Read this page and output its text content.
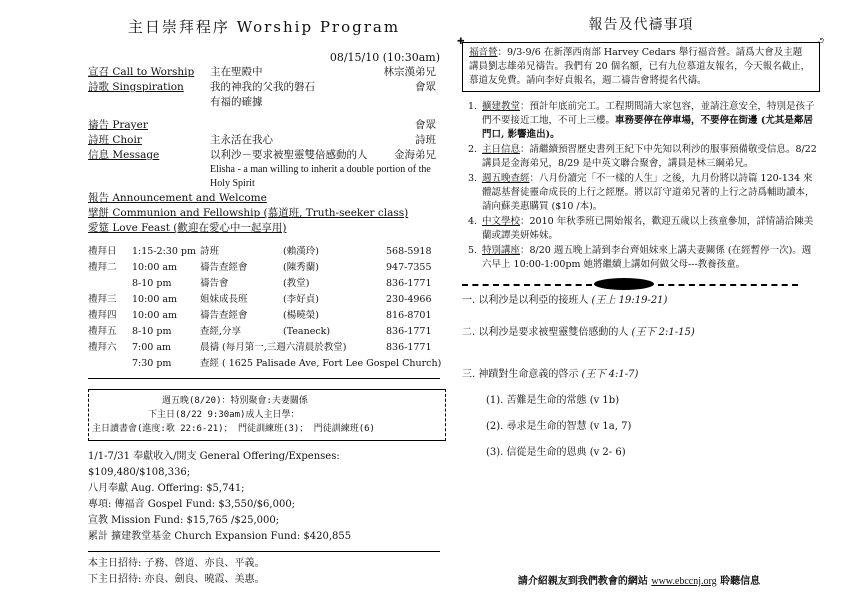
主日崇拜程序 Worship Program
08/15/10 (10:30am)
宣召 Call to Worship 主在聖殿中	林宗漢弟兄
詩歌 Singspiration 我的神我的父我的磐石	會眾
有福的確據
禱告 Prayer	會眾
詩班 Choir	主永活在我心	詩班
信息 Message	以利沙－要求被聖靈雙倍感動的人	金海弟兄
Elisha - a man willing to inherit a double portion of the Holy Spirit
報告 Announcement and Welcome
擘餅 Communion and Fellowship (慕道班, Truth-seeker class)
愛筵 Love Feast (歡迎在愛心中一起享用)
禮拜日 1:15-2:30 pm 詩班	(賴漢玲)	568-5918
禮拜二 10:00 am 禱告查經會	(陳秀蘭)	947-7355
8-10 pm	禱告會	(教堂)	836-1771
禮拜三 10:00 am 姐妹成長班	(李好貞)	230-4966
禮拜四 10:00 am 禱告查經會	(楊曉榮)	816-8701
禮拜五 8-10 pm	查經,分享	(Teaneck)	836-1771
禮拜六 7:00 am	晨禱 (每月第一,三週六清晨於教堂)	836-1771
7:30 pm	查經 ( 1625 Palisade Ave, Fort Lee Gospel Church)
週五晚(8/20)：特別聚會:夫妻關係
下主日(8/22 9:30am)成人主日學：
主日讀書會(進度:歌 22:6-21)； 門徒訓練班(3)； 門徒訓練班(6)
1/1-7/31 奉獻收入/開支 General Offering/Expenses: $109,480/$108,336;
八月奉獻 Aug. Offering: $5,741;
專項: 傳福音 Gospel Fund: $3,550/$6,000;
宣教 Mission Fund: $15,765 /$25,000;
累計 擴建教堂基金 Church Expansion Fund: $420,855
本主日招待: 子務、啓道、亦良、平義。
下主日招待: 亦良、劍良、曉霞、美惠。
報告及代禱事項
✚	૭
福音營：9/3-9/6 在新澤西南部 Harvey Cedars 舉行福音營。請爲大會及主題講員劉志雄弟兄禱告。我們有 20 個名額，已有九位慕道友報名，今天報名截止，慕道友免費。請向李好貞報名，週二禱告會將提名代禱。
1. 擴建教堂：預計年底前完工。工程期間請大家包容，並請注意安全，特別是孩子們不要接近工地，不可上三樓。車務要停在停車場，不要停在街邊 (尤其是鄰居門口, 影響進出)。
2. 主日信息：請繼續預習歷史書列王紀下中先知以利沙的服事預備敬受信息。8/22 講員是金海弟兄，8/29 是中英文聯合聚會，講員是林三綱弟兄。
3. 週五晚查經：八月份讀完「不一樣的人生」之後，九月份將以詩篇 120-134 來體認基督徒靈命成長的上行之經歷。將以訂守道弟兄著的上行之詩爲輔助讀本，請向蘇美惠購買 ($10 /本)。
4. 中文學校：2010 年秋季班已開始報名，歡迎五歲以上孩童參加，詳情請洽陳美蘭或譚美妍姊妹。
5. 特別講座：8/20 週五晚上請到李台齊姐妹來上講夫妻關係 (在經暫停一次)。週六早上 10:00-1:00pm 她將繼續上講如何做父母---教養孩童。
一. 以利沙是以利亞的接班人 (王上 19:19-21)
二. 以利沙是要求被聖靈雙倍感動的人 (王下 2:1-15)
三. 神蹟對生命意義的啓示 (王下 4:1-7)
(1). 苦難是生命的常態 (v 1b)
(2). 尋求是生命的智慧 (v 1a, 7)
(3). 信從是生命的恩典 (v 2- 6)
請介紹親友到我們教會的網站 www.ebccnj.org 聆聽信息
